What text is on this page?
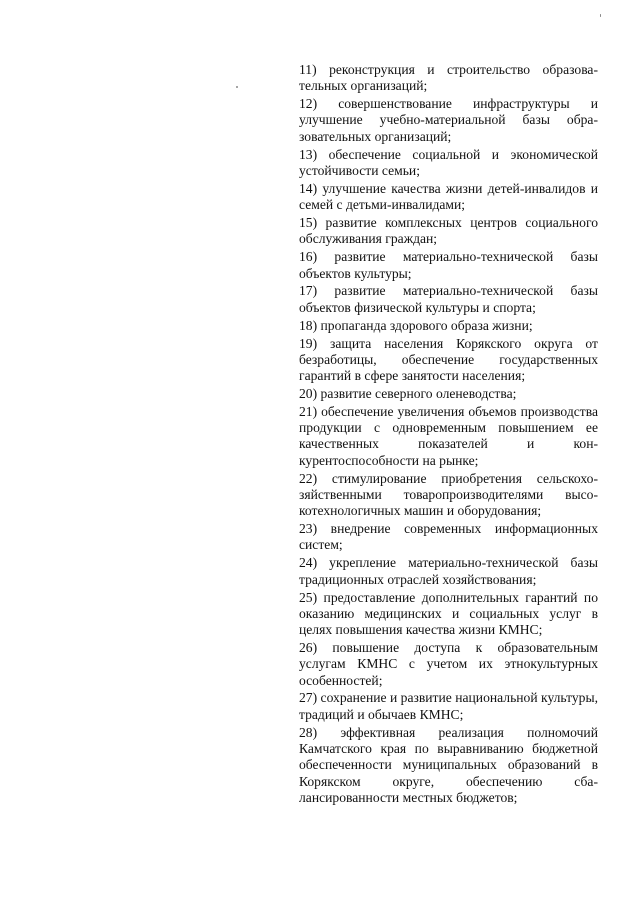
11) реконструкция и строительство образовательных организаций;

12) совершенствование инфраструктуры и улучшение учебно-материальной базы образовательных организаций;

13) обеспечение социальной и экономической устойчивости семьи;

14) улучшение качества жизни детей-инвалидов и семей с детьми-инвалидами;

15) развитие комплексных центров социального обслуживания граждан;

16) развитие материально-технической базы объектов культуры;

17) развитие материально-технической базы объектов физической культуры и спорта;

18) пропаганда здорового образа жизни;

19) защита населения Корякского округа от безработицы, обеспечение государственных гарантий в сфере занятости населения;

20) развитие северного оленеводства;

21) обеспечение увеличения объемов производства продукции с одновременным повышением ее качественных показателей и конкурентоспособности на рынке;

22) стимулирование приобретения сельскохозяйственными товаропроизводителями высокотехнологичных машин и оборудования;

23) внедрение современных информационных систем;

24) укрепление материально-технической базы традиционных отраслей хозяйствования;

25) предоставление дополнительных гарантий по оказанию медицинских и социальных услуг в целях повышения качества жизни КМНС;

26) повышение доступа к образовательным услугам КМНС с учетом их этнокультурных особенностей;

27) сохранение и развитие национальной культуры, традиций и обычаев КМНС;

28) эффективная реализация полномочий Камчатского края по выравниванию бюджетной обеспеченности муниципальных образований в Корякском округе, обеспечению сбалансированности местных бюджетов;
